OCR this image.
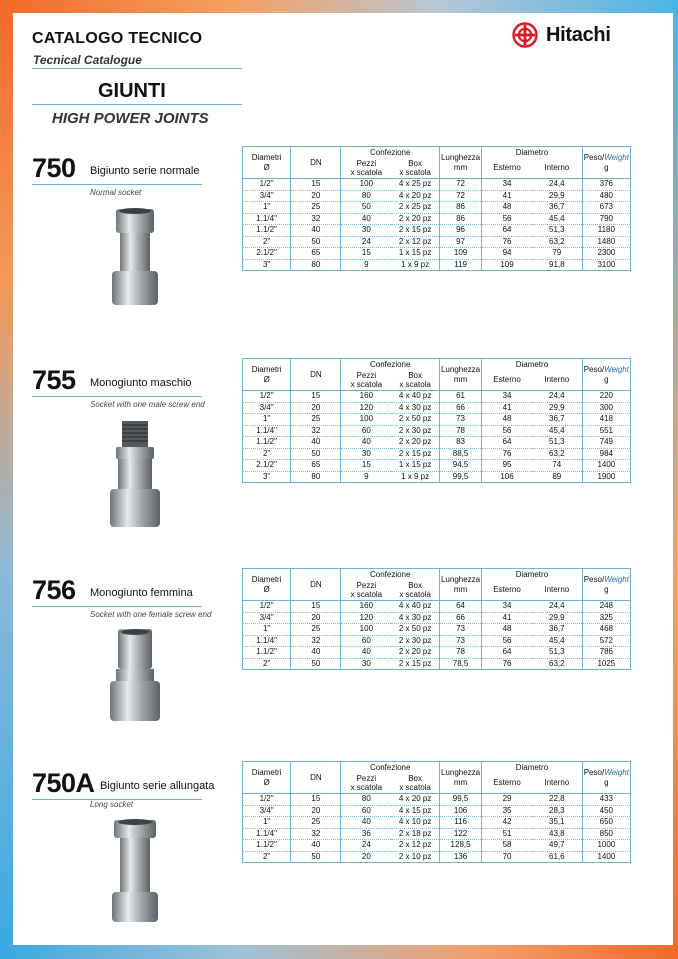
CATALOGO TECNICO
Tecnical Catalogue
Hitachi
GIUNTI
HIGH POWER JOINTS
750 Bigiunto serie normale
Normal socket
755 Monogiunto maschio
Socket with one male screw end
756 Monogiunto femmina
Socket with one female screw end
750A Bigiunto serie allungata
Long socket
Diametri
Ø	DN	Confezione		Lunghezza
mm	Diametro		Peso/Weight
g
		Pezzi
x scatola	Box
x scatola		Esterno	Interno	
1/2"	15	100	4 x 25 pz	72	34	24,4	376
3/4"	20	80	4 x 20 pz	72	41	29,9	480
1"	25	50	2 x 25 pz	86	48	36,7	673
1.1/4"	32	40	2 x 20 pz	86	56	45,4	790
1.1/2"	40	30	2 x 15 pz	96	64	51,3	1180
2"	50	24	2 x 12 pz	97	76	63,2	1480
2.1/2"	65	15	1 x 15 pz	109	94	79	2300
3"	80	9	1 x 9 pz	119	109	91,8	3100
Diametri
Ø	DN	Confezione		Lunghezza
mm	Diametro		Peso/Weight
g
		Pezzi
x scatola	Box
x scatola		Esterno	Interno	
1/2"	15	160	4 x 40 pz	61	34	24,4	220
3/4"	20	120	4 x 30 pz	66	41	29,9	300
1"	25	100	2 x 50 pz	73	48	36,7	418
1.1/4"	32	60	2 x 30 pz	78	56	45,4	551
1.1/2"	40	40	2 x 20 pz	83	64	51,3	749
2"	50	30	2 x 15 pz	88,5	76	63,2	984
2.1/2"	65	15	1 x 15 pz	94,5	95	74	1400
3"	80	9	1 x 9 pz	99,5	106	89	1900
Diametri
Ø	DN	Confezione		Lunghezza
mm	Diametro		Peso/Weight
g
		Pezzi
x scatola	Box
x scatola		Esterno	Interno	
1/2"	15	160	4 x 40 pz	64	34	24,4	248
3/4"	20	120	4 x 30 pz	66	41	29,9	325
1"	25	100	2 x 50 pz	73	48	36,7	468
1.1/4"	32	60	2 x 30 pz	73	56	45,4	572
1.1/2"	40	40	2 x 20 pz	78	64	51,3	786
2"	50	30	2 x 15 pz	78,5	76	63,2	1025
Diametri
Ø	DN	Confezione		Lunghezza
mm	Diametro		Peso/Weight
g
		Pezzi
x scatola	Box
x scatola		Esterno	Interno	
1/2"	15	80	4 x 20 pz	99,5	29	22,8	433
3/4"	20	60	4 x 15 pz	106	35	28,3	450
1"	25	40	4 x 10 pz	116	42	35,1	650
1.1/4"	32	36	2 x 18 pz	122	51	43,8	850
1.1/2"	40	24	2 x 12 pz	128,5	58	49,7	1000
2"	50	20	2 x 10 pz	136	70	61,6	1400
